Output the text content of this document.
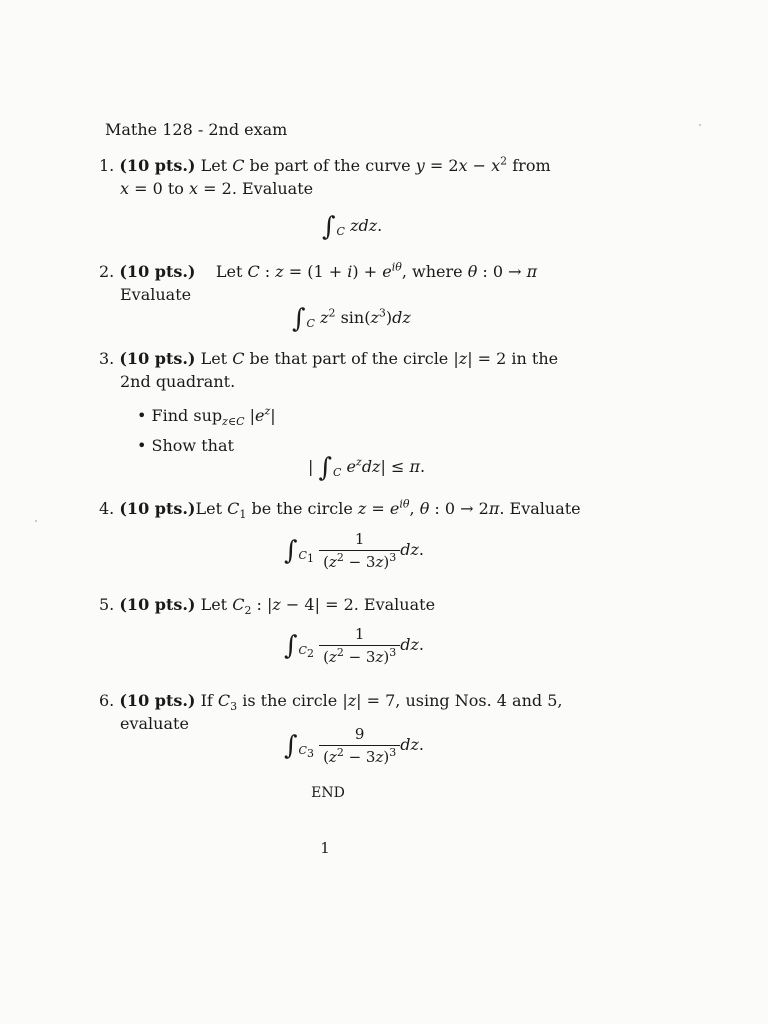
Mathe 128 - 2nd exam
1. (10 pts.) Let C be part of the curve $y = 2x - x^2$ from
x = 0 to x = 2. Evaluate
$\int_C$ zdz.
2. (10 pts.)    Let C : $z = (1 + i) + e^{i\theta}$, where θ : 0 → π
Evaluate
$\int_C$ $z^2$ $\sin(z^3)dz$
3. (10 pts.) Let C be that part of the circle |z| = 2 in the
2nd quadrant.
• Find sup$_{z\in C}$ $|e^z|$
• Show that
| $\int_C$ $e^zdz| \le \pi$.
4. (10 pts.)Let $C_1$ be the circle $z = e^{i\theta}$, θ : 0 → 2π. Evaluate
$\int_{C_1} \frac{1}{(z^2 - 3z)^3}$ dz.
5. (10 pts.) Let $C_2$ : |z − 4| = 2. Evaluate
$\int_{C_2} \frac{1}{(z^2 - 3z)^3}$ dz.
6. (10 pts.) If $C_3$ is the circle |z| = 7, using Nos. 4 and 5,
evaluate
$\int_{C_3} \frac{9}{(z^2 - 3z)^3}$ dz.
END
1
